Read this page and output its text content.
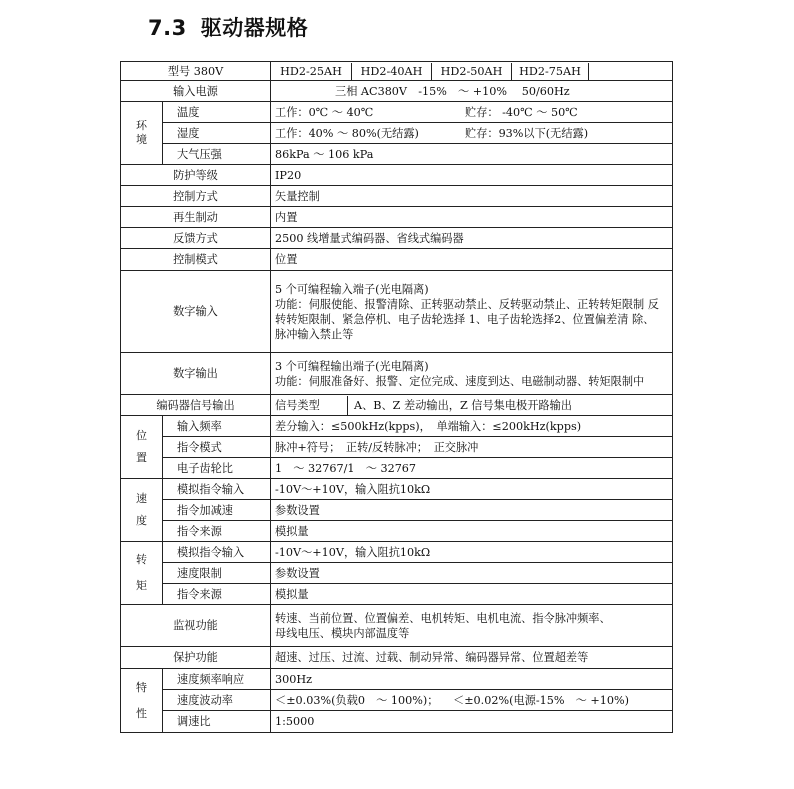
7.3 驱动器规格
型号 380V		HD2-25AH HD2-40AH HD2-50AH HD2-75AH

输入电源		三相 AC380V　-15%　～ +10%　 50/60Hz
环境	温度	工作：0℃ ～ 40℃ 贮存： -40℃ ～ 50℃

	湿度	工作：40% ～ 80%(无结露) 贮存：93%以下(无结露)

	大气压强	86kPa ～ 106 kPa
防护等级		IP20
控制方式		矢量控制
再生制动		内置
反馈方式		2500 线增量式编码器、省线式编码器
控制模式		位置
数字输入		5 个可编程输入端子(光电隔离)
功能：伺服使能、报警清除、正转驱动禁止、反转驱动禁止、正转转矩限制 反
转转矩限制、紧急停机、电子齿轮选择 1、电子齿轮选择2、位置偏差清 除、
脉冲输入禁止等

数字输出		3 个可编程输出端子(光电隔离)
功能：伺服准备好、报警、定位完成、速度到达、电磁制动器、转矩限制中

编码器信号输出		信号类型 A、B、Z 差动输出，Z 信号集电极开路输出

位置	输入频率	差分输入：≤500kHz(kpps)，　单端输入：≤200kHz(kpps)
	指令模式	脉冲+符号；　正转/反转脉冲；　正交脉冲
	电子齿轮比	1　～ 32767/1　～ 32767
速度	模拟指令输入	-10V～+10V，输入阻抗10kΩ
	指令加减速	参数设置
	指令来源	模拟量
转矩	模拟指令输入	-10V～+10V，输入阻抗10kΩ
	速度限制	参数设置
	指令来源	模拟量
监视功能		转速、当前位置、位置偏差、电机转矩、电机电流、指令脉冲频率、
母线电压、模块内部温度等

保护功能		超速、过压、过流、过载、制动异常、编码器异常、位置超差等
特性	速度频率响应	300Hz
	速度波动率	＜±0.03%(负载0　～ 100%)； ＜±0.02%(电源-15%　～ +10%)

	调速比	1:5000
